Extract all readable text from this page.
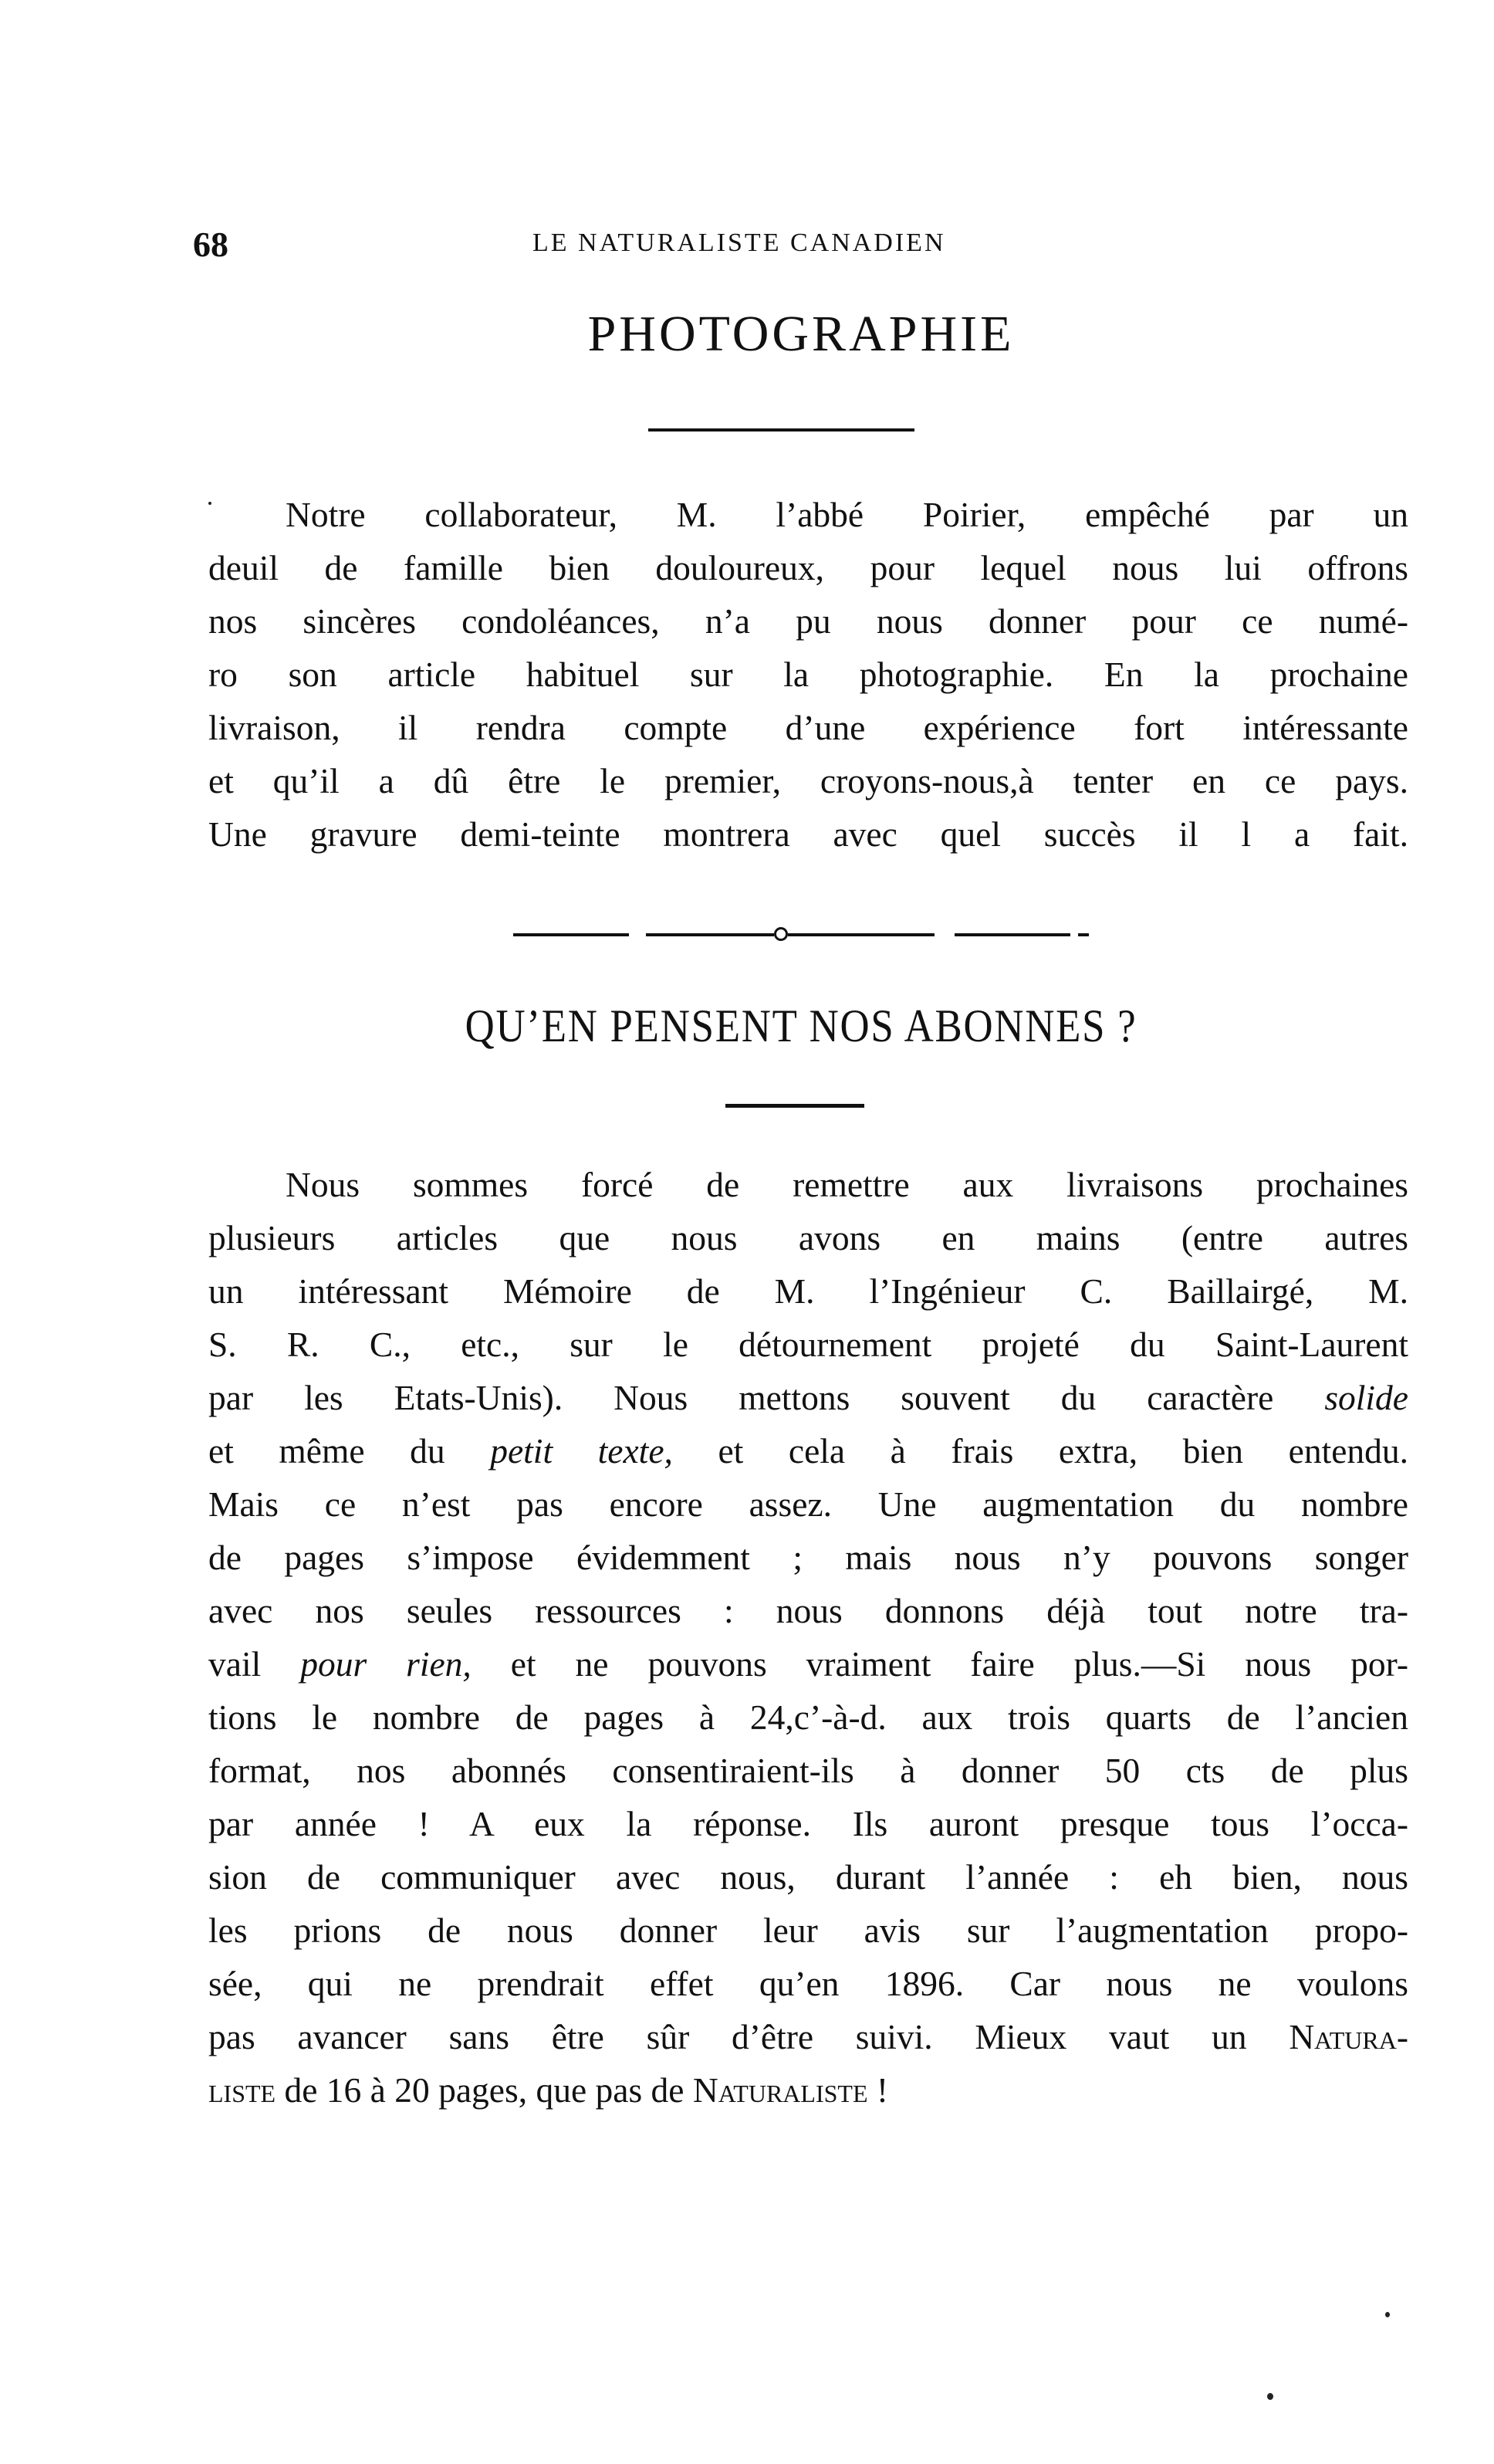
68	LE NATURALISTE CANADIEN
PHOTOGRAPHIE

Notre collaborateur, M. l’abbé Poirier, empêché par un
deuil de famille bien douloureux, pour lequel nous lui offrons
nos sincères condoléances, n’a pu nous donner pour ce numé-
ro son article habituel sur la photographie. En la prochaine
livraison, il rendra compte d’une expérience fort intéressante
et qu’il a dû être le premier, croyons-nous,à tenter en ce pays.
Une gravure demi-teinte montrera avec quel succès il l a fait.

QU’EN PENSENT NOS ABONNES ?

Nous sommes forcé de remettre aux livraisons prochaines
plusieurs articles que nous avons en mains (entre autres
un intéressant Mémoire de M. l’Ingénieur C. Baillairgé, M.
S. R. C., etc., sur le détournement projeté du Saint-Laurent
par les Etats-Unis). Nous mettons souvent du caractère solide
et même du petit texte, et cela à frais extra, bien entendu.
Mais ce n’est pas encore assez. Une augmentation du nombre
de pages s’impose évidemment ; mais nous n’y pouvons songer
avec nos seules ressources : nous donnons déjà tout notre tra-
vail pour rien, et ne pouvons vraiment faire plus.—Si nous por-
tions le nombre de pages à 24,c’-à-d. aux trois quarts de l’ancien
format, nos abonnés consentiraient-ils à donner 50 cts de plus
par année ! A eux la réponse. Ils auront presque tous l’occa-
sion de communiquer avec nous, durant l’année : eh bien, nous
les prions de nous donner leur avis sur l’augmentation propo-
sée, qui ne prendrait effet qu’en 1896. Car nous ne voulons
pas avancer sans être sûr d’être suivi. Mieux vaut un Natura-
liste de 16 à 20 pages, que pas de Naturaliste !
